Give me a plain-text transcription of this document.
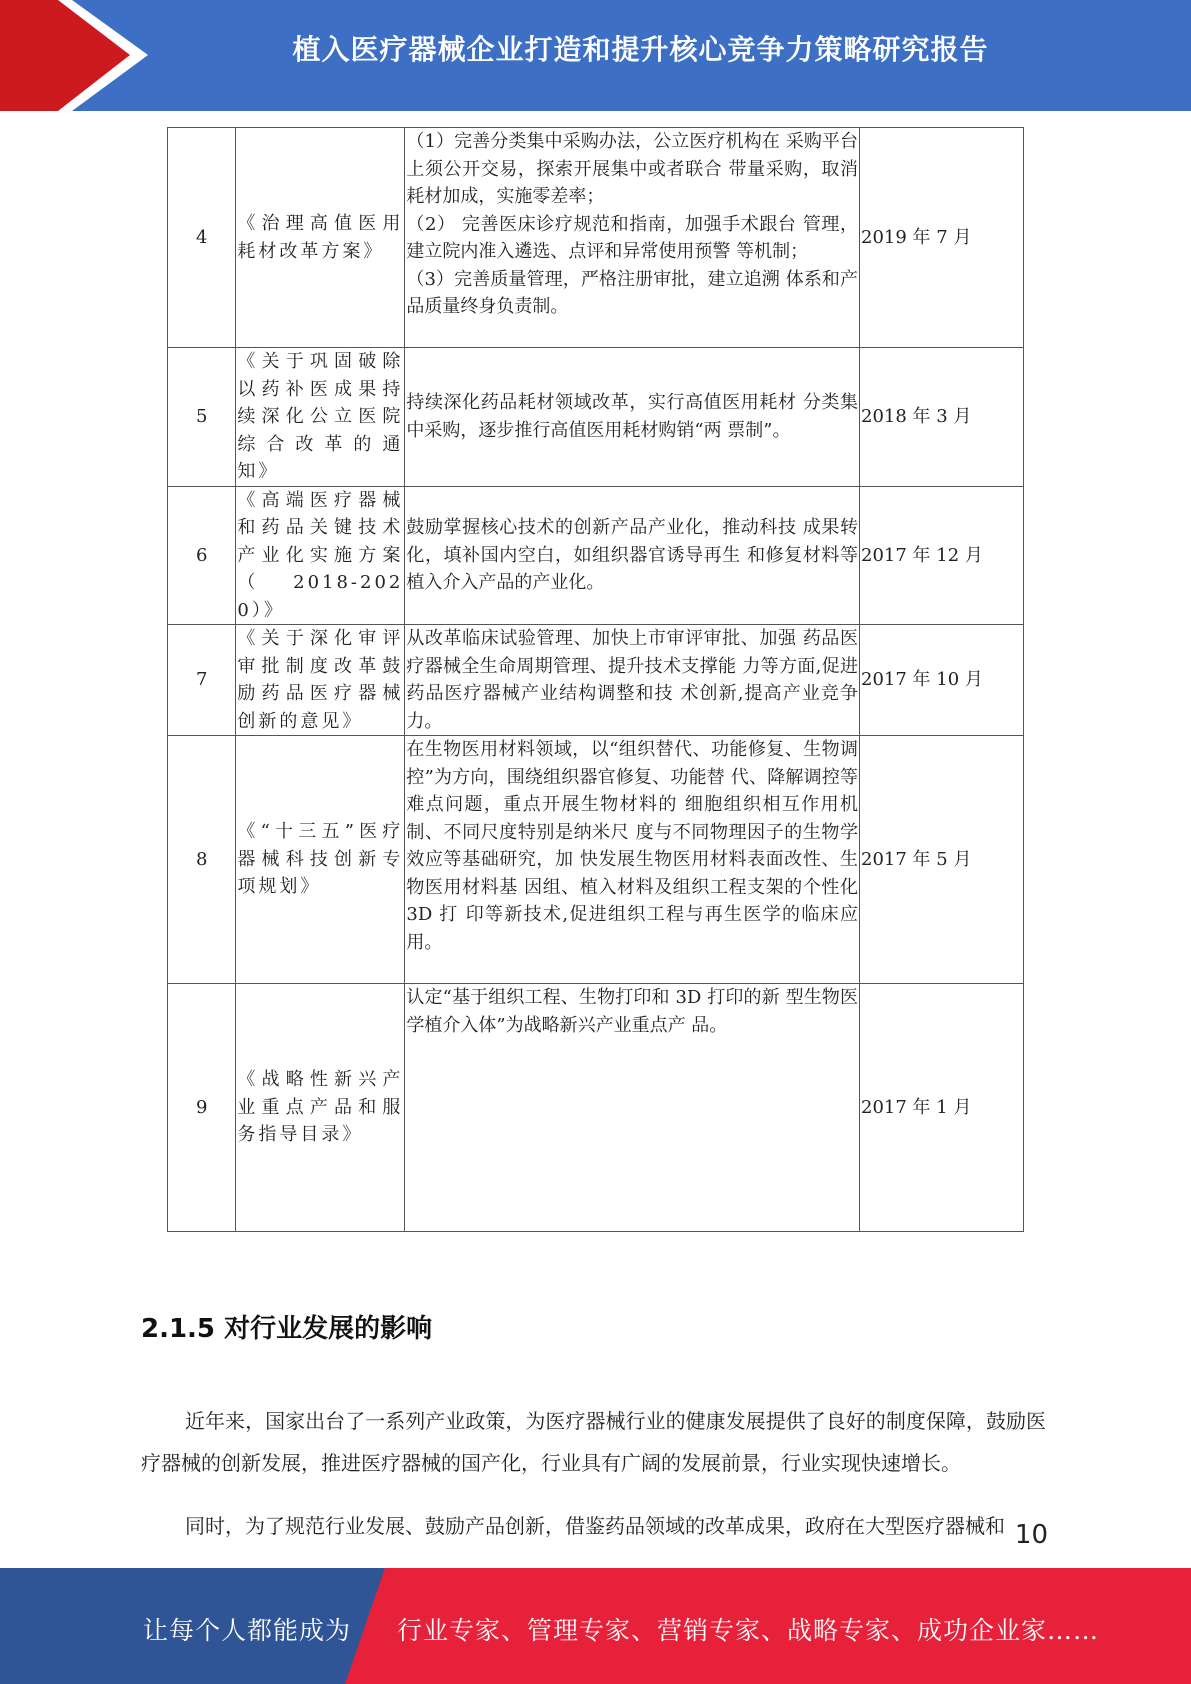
植入医疗器械企业打造和提升核心竞争力策略研究报告
4	《治理高值医用耗材改革方案》	（1）完善分类集中采购办法，公立医疗机构在 采购平台上须公开交易，探索开展集中或者联合 带量采购，取消耗材加成，实施零差率；
（2） 完善医床诊疗规范和指南，加强手术跟台 管理，建立院内准入遴选、点评和异常使用预警 等机制；
（3）完善质量管理，严格注册审批，建立追溯 体系和产品质量终身负责制。	2019 年 7 月
5	《关于巩固破除以药补医成果持续深化公立医院综合改革的通 知》	持续深化药品耗材领域改革，实行高值医用耗材 分类集中采购，逐步推行高值医用耗材购销“两 票制”。	2018 年 3 月
6	《高端医疗器械和药品关键技术产业化实施方案（2018-2020）》	鼓励掌握核心技术的创新产品产业化，推动科技 成果转化，填补国内空白，如组织器官诱导再生 和修复材料等植入介入产品的产业化。	2017 年 12 月
7	《关于深化审评审批制度改革鼓励药品医疗器械创新的意见》	从改革临床试验管理、加快上市审评审批、加强 药品医疗器械全生命周期管理、提升技术支撑能 力等方面,促进药品医疗器械产业结构调整和技 术创新,提高产业竞争力。	2017 年 10 月
8	《“十三五”医疗器械科技创新专项规划》	在生物医用材料领域，以“组织替代、功能修复、生物调控”为方向，围绕组织器官修复、功能替 代、降解调控等难点问题，重点开展生物材料的 细胞组织相互作用机制、不同尺度特别是纳米尺 度与不同物理因子的生物学效应等基础研究，加 快发展生物医用材料表面改性、生物医用材料基 因组、植入材料及组织工程支架的个性化 3D 打 印等新技术,促进组织工程与再生医学的临床应 用。	2017 年 5 月
9	《战略性新兴产业重点产品和服务指导目录》	认定“基于组织工程、生物打印和 3D 打印的新 型生物医学植介入体”为战略新兴产业重点产 品。	2017 年 1 月
2.1.5 对行业发展的影响

近年来，国家出台了一系列产业政策，为医疗器械行业的健康发展提供了良好的制度保障，鼓励医疗器械的创新发展，推进医疗器械的国产化，行业具有广阔的发展前景，行业实现快速增长。

同时，为了规范行业发展、鼓励产品创新，借鉴药品领域的改革成果，政府在大型医疗器械和 10
让每个人都能成为 行业专家、管理专家、营销专家、战略专家、成功企业家……
